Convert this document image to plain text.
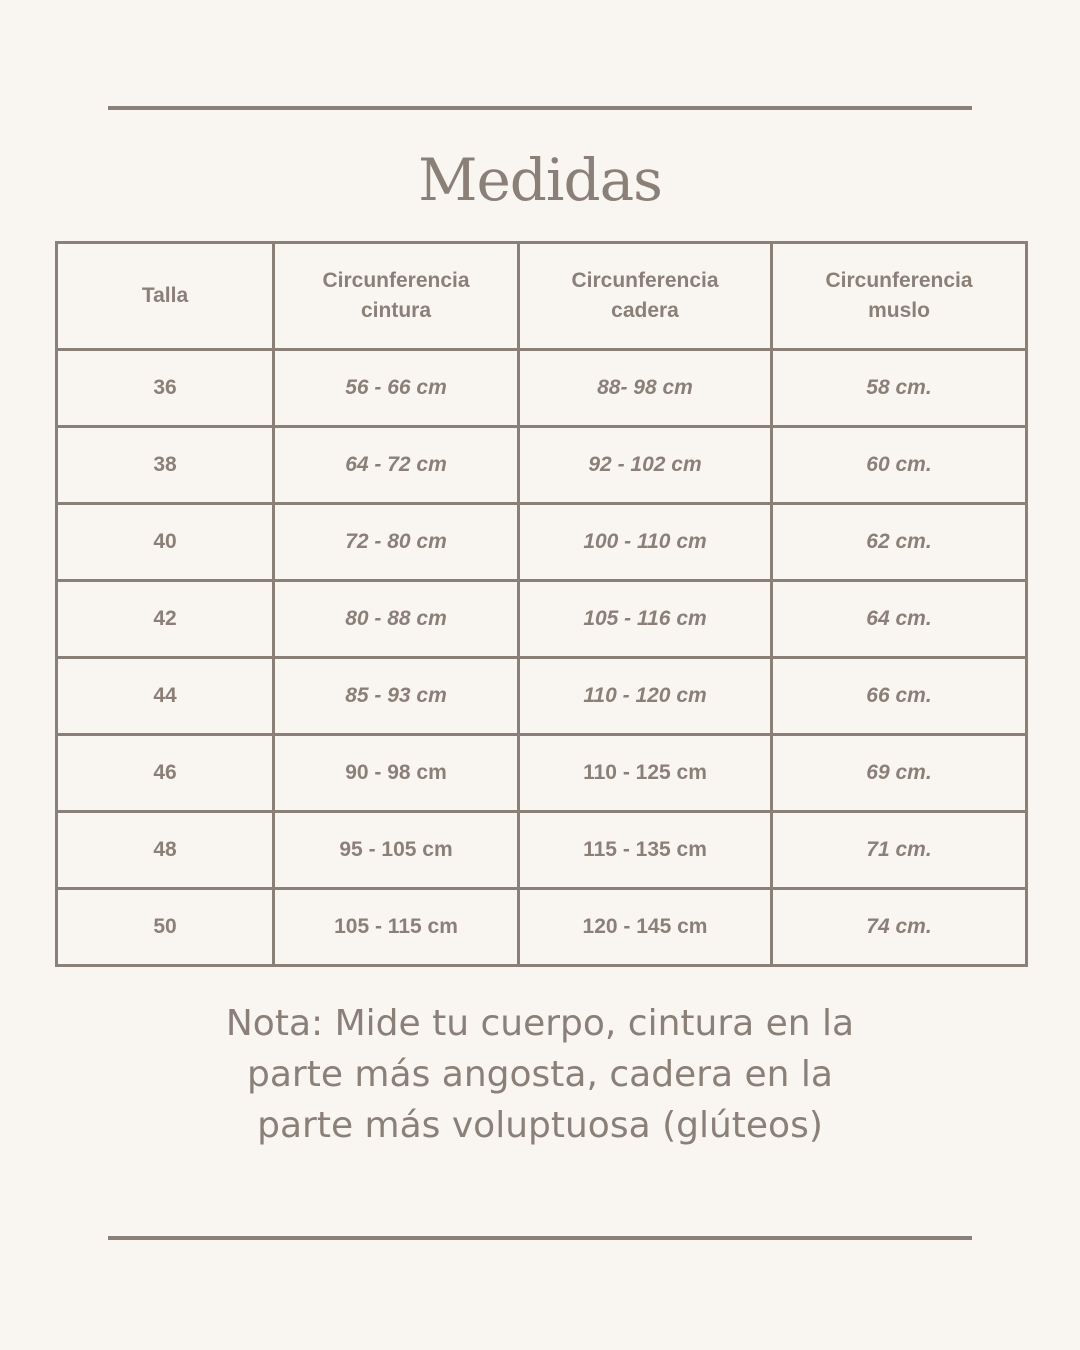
Medidas
Talla	Circunferencia cintura	Circunferencia cadera	Circunferencia muslo
36	56 - 66 cm	88- 98 cm	58 cm.
38	64 - 72 cm	92 - 102 cm	60 cm.
40	72 - 80 cm	100 - 110 cm	62 cm.
42	80 - 88 cm	105 - 116 cm	64 cm.
44	85 - 93 cm	110 - 120 cm	66 cm.
46	90 - 98 cm	110 - 125 cm	69 cm.
48	95 - 105 cm	115 - 135 cm	71 cm.
50	105 - 115 cm	120 - 145 cm	74 cm.
Nota: Mide tu cuerpo, cintura en la parte más angosta, cadera en la parte más voluptuosa (glúteos)
